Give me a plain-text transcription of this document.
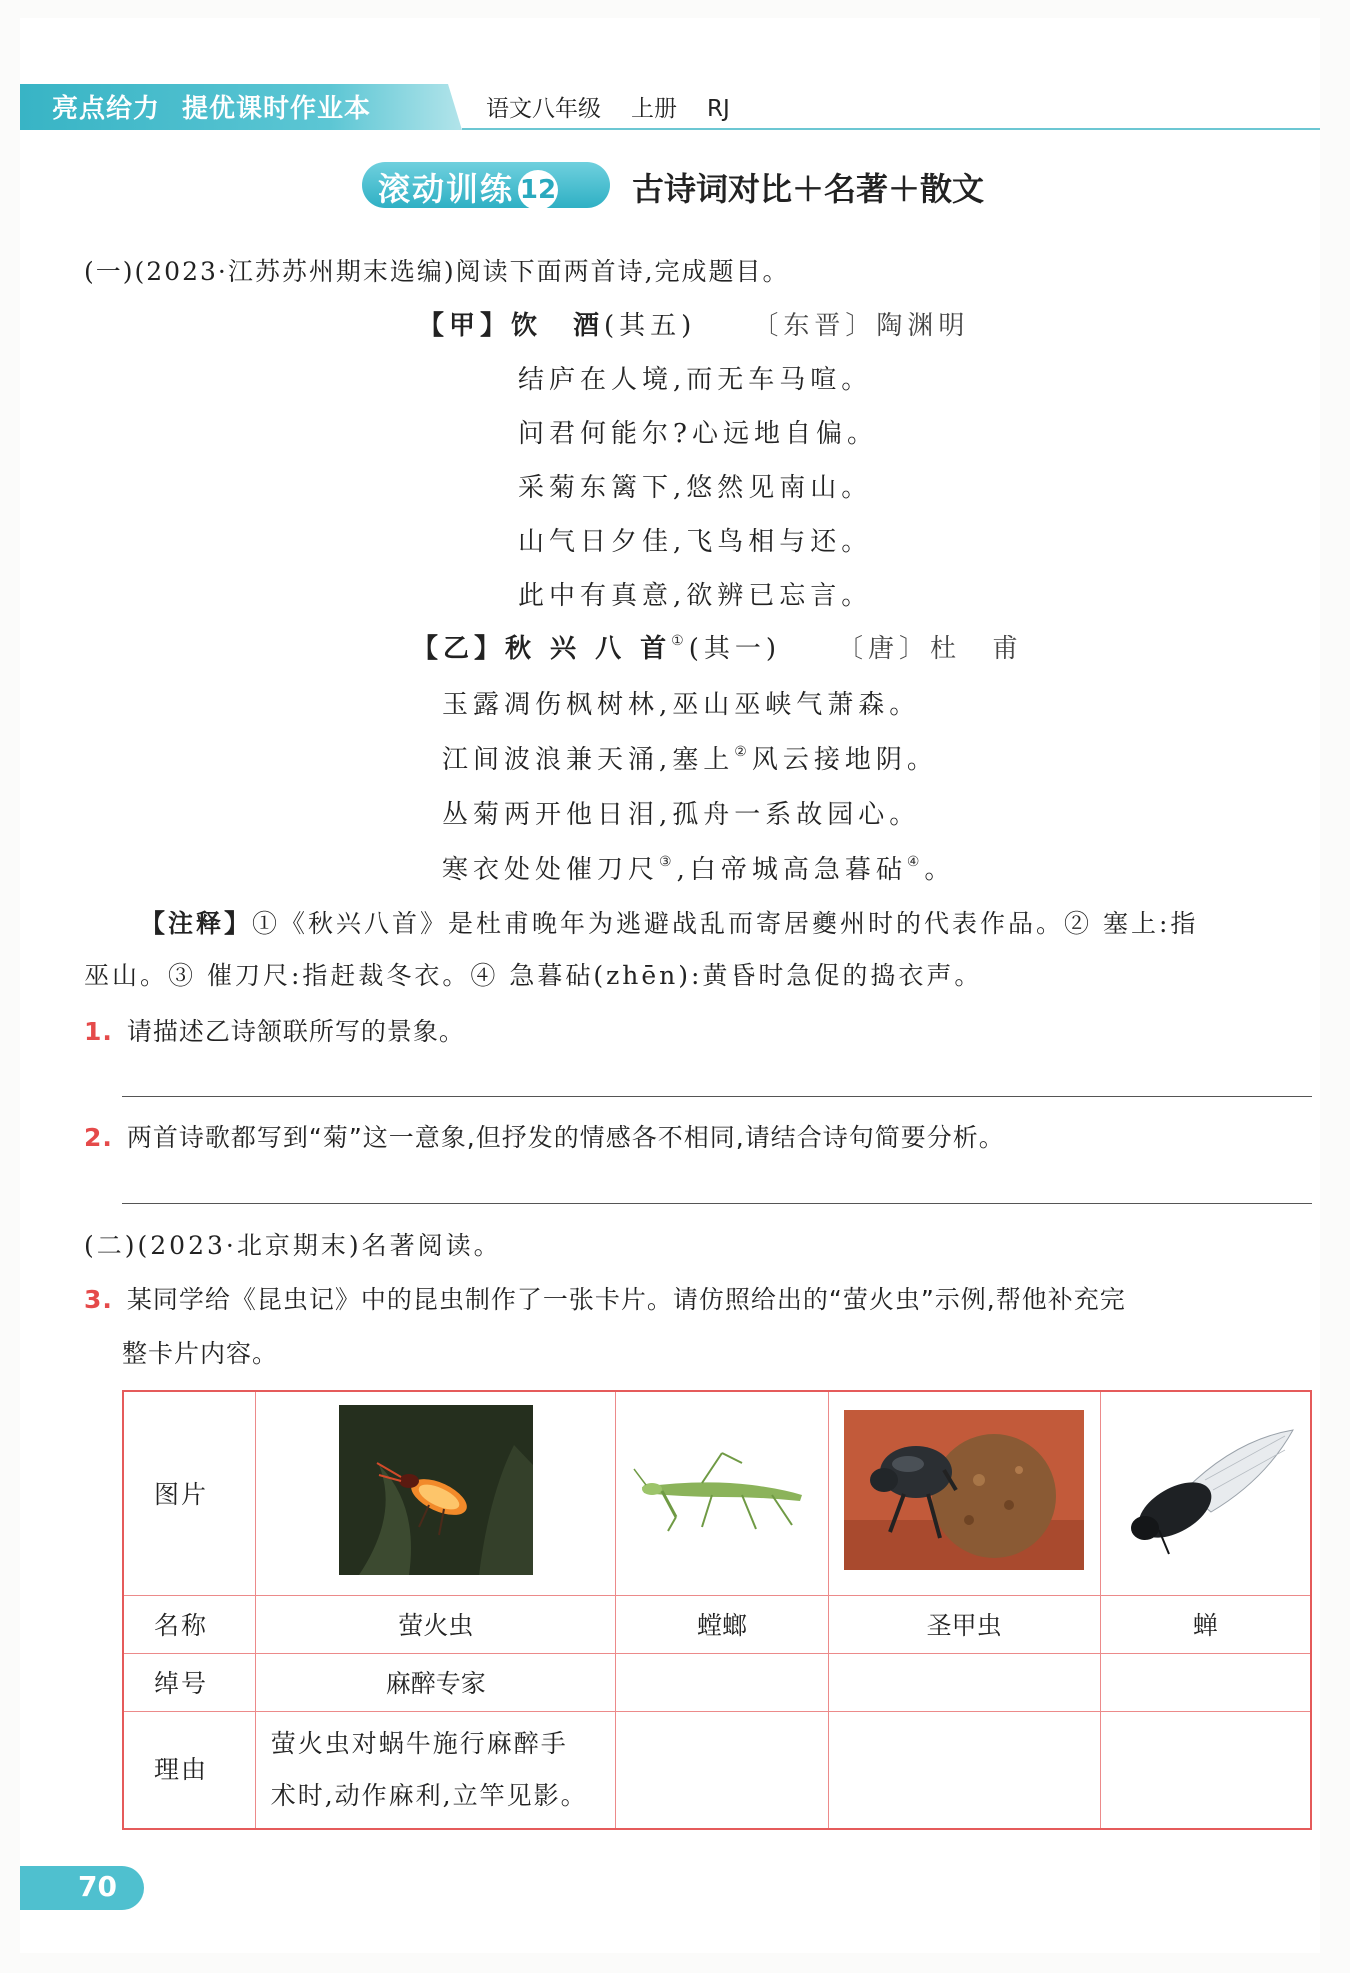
亮点给力 提优课时作业本	语文八年级 上册 RJ
滚动训练 12 古诗词对比＋名著＋散文
(一)(2023·江苏苏州期末选编)阅读下面两首诗,完成题目。
【甲】饮　酒(其五) 〔东晋〕陶渊明
结庐在人境,而无车马喧。
问君何能尔?心远地自偏。
采菊东篱下,悠然见南山。
山气日夕佳,飞鸟相与还。
此中有真意,欲辨已忘言。
【乙】秋 兴 八 首①(其一) 〔唐〕杜　甫
玉露凋伤枫树林,巫山巫峡气萧森。
江间波浪兼天涌,塞上②风云接地阴。
丛菊两开他日泪,孤舟一系故园心。
寒衣处处催刀尺③,白帝城高急暮砧④。
【注释】①《秋兴八首》是杜甫晚年为逃避战乱而寄居夔州时的代表作品。② 塞上:指
巫山。③ 催刀尺:指赶裁冬衣。④ 急暮砧(zhēn):黄昏时急促的捣衣声。
1. 请描述乙诗颔联所写的景象。
2. 两首诗歌都写到“菊”这一意象,但抒发的情感各不相同,请结合诗句简要分析。
(二)(2023·北京期末)名著阅读。
3. 某同学给《昆虫记》中的昆虫制作了一张卡片。请仿照给出的“萤火虫”示例,帮他补充完
整卡片内容。
图片	

名称	萤火虫	螳螂	圣甲虫	蝉
绰号	麻醉专家			
理由	萤火虫对蜗牛施行麻醉手
术时,动作麻利,立竿见影。			
70
